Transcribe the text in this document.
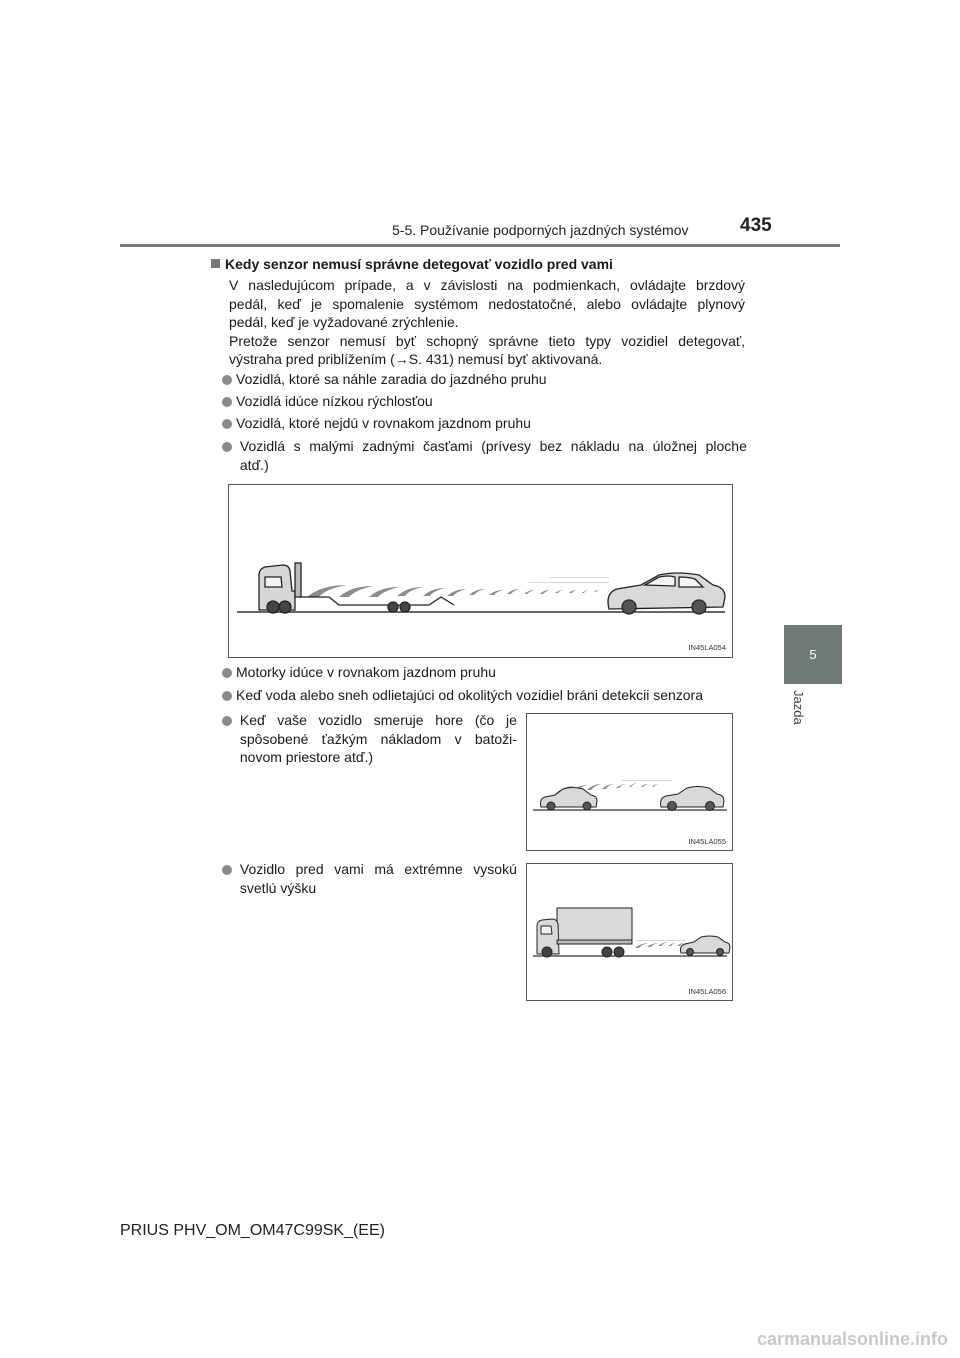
5-5. Používanie podporných jazdných systémov	435
5
Jazda
Kedy senzor nemusí správne detegovať vozidlo pred vami
V nasledujúcom prípade, a v závislosti na podmienkach, ovládajte brzdový
pedál, keď je spomalenie systémom nedostatočné, alebo ovládajte plynový
pedál, keď je vyžadované zrýchlenie.
Pretože senzor nemusí byť schopný správne tieto typy vozidiel detegovať,
výstraha pred priblížením (→S. 431) nemusí byť aktivovaná.
Vozidlá, ktoré sa náhle zaradia do jazdného pruhu
Vozidlá idúce nízkou rýchlosťou
Vozidlá, ktoré nejdú v rovnakom jazdnom pruhu

Vozidlá s malými zadnými časťami (prívesy bez nákladu na úložnej ploche
atď.)
IN45LA054
Motorky idúce v rovnakom jazdnom pruhu
Keď voda alebo sneh odlietajúci od okolitých vozidiel bráni detekcii senzora

Keď vaše vozidlo smeruje hore (čo je
spôsobené ťažkým nákladom v batoži-
novom priestore atď.)
IN45LA055

Vozidlo pred vami má extrémne vysokú
svetlú výšku
IN45LA056
PRIUS PHV_OM_OM47C99SK_(EE)
carmanualsonline.info
